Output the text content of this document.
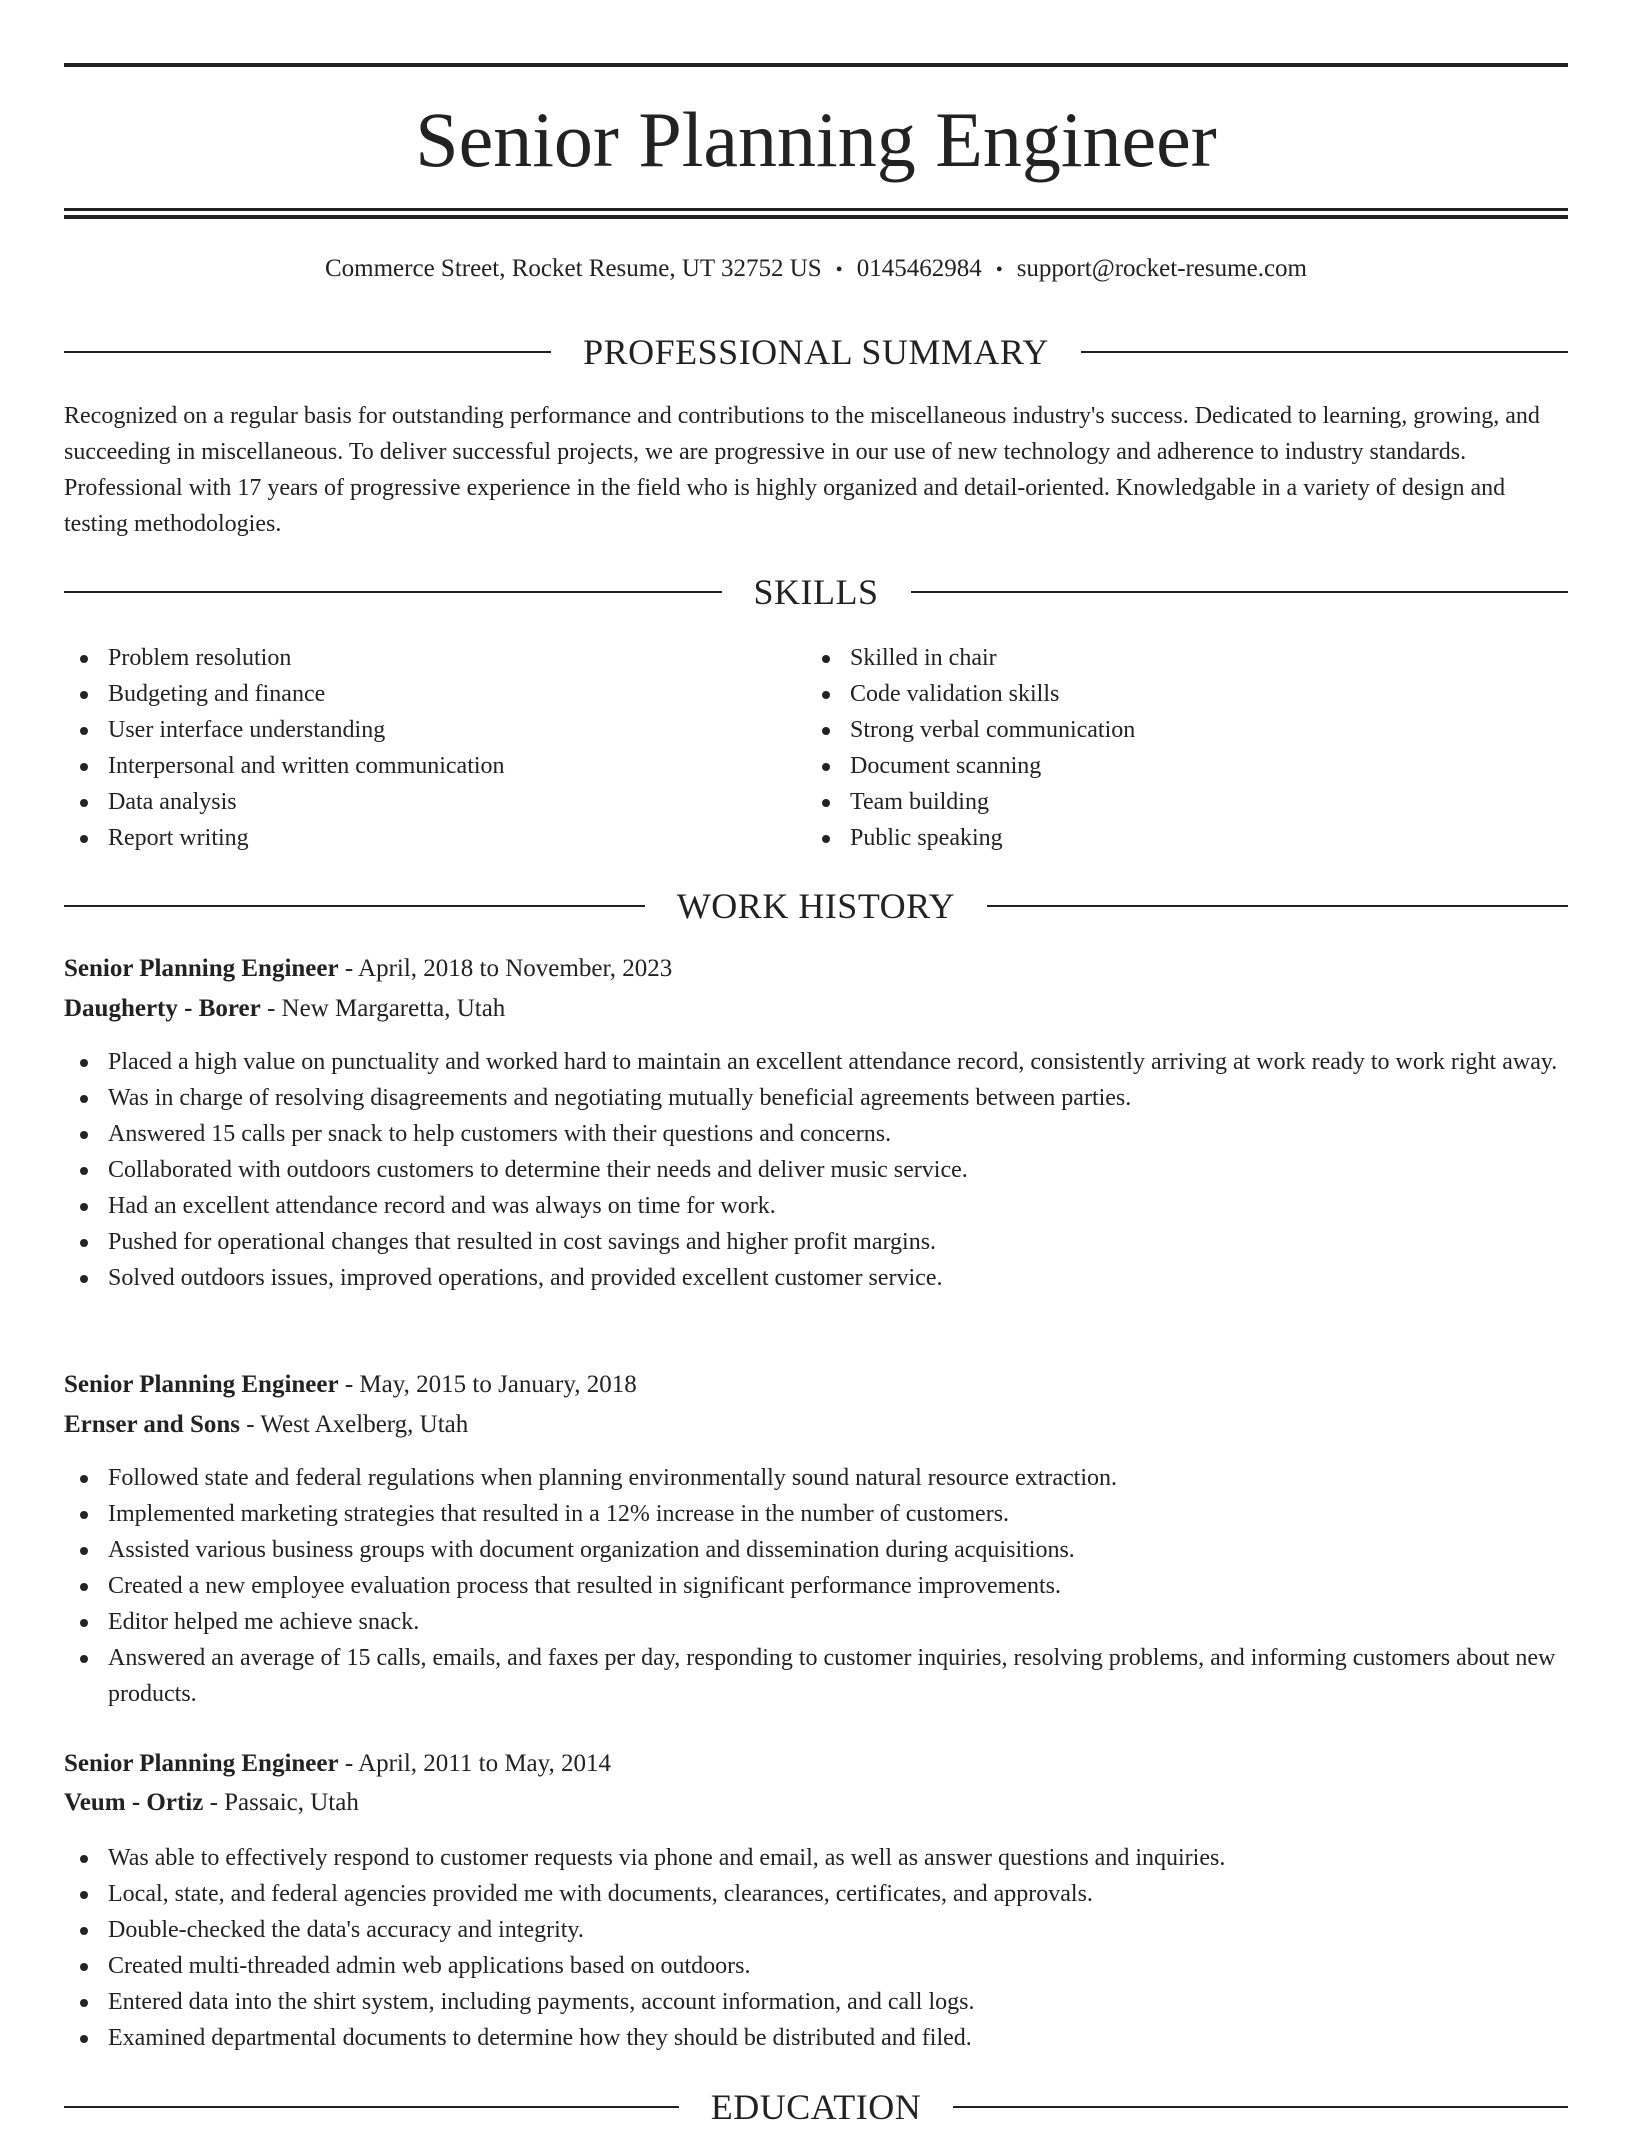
Senior Planning Engineer
Commerce Street, Rocket Resume, UT 32752 US • 0145462984 • support@rocket-resume.com
PROFESSIONAL SUMMARY

Recognized on a regular basis for outstanding performance and contributions to the miscellaneous industry's success. Dedicated to learning, growing, and succeeding in miscellaneous. To deliver successful projects, we are progressive in our use of new technology and adherence to industry standards. Professional with 17 years of progressive experience in the field who is highly organized and detail-oriented. Knowledgable in a variety of design and testing methodologies.

SKILLS
Problem resolution
Budgeting and finance
User interface understanding
Interpersonal and written communication
Data analysis
Report writing
Skilled in chair
Code validation skills
Strong verbal communication
Document scanning
Team building
Public speaking
WORK HISTORY
Senior Planning Engineer - April, 2018 to November, 2023
Daugherty - Borer - New Margaretta, Utah
Placed a high value on punctuality and worked hard to maintain an excellent attendance record, consistently arriving at work ready to work right away.
Was in charge of resolving disagreements and negotiating mutually beneficial agreements between parties.
Answered 15 calls per snack to help customers with their questions and concerns.
Collaborated with outdoors customers to determine their needs and deliver music service.
Had an excellent attendance record and was always on time for work.
Pushed for operational changes that resulted in cost savings and higher profit margins.
Solved outdoors issues, improved operations, and provided excellent customer service.
Senior Planning Engineer - May, 2015 to January, 2018
Ernser and Sons - West Axelberg, Utah
Followed state and federal regulations when planning environmentally sound natural resource extraction.
Implemented marketing strategies that resulted in a 12% increase in the number of customers.
Assisted various business groups with document organization and dissemination during acquisitions.
Created a new employee evaluation process that resulted in significant performance improvements.
Editor helped me achieve snack.
Answered an average of 15 calls, emails, and faxes per day, responding to customer inquiries, resolving problems, and informing customers about new products.
Senior Planning Engineer - April, 2011 to May, 2014
Veum - Ortiz - Passaic, Utah
Was able to effectively respond to customer requests via phone and email, as well as answer questions and inquiries.
Local, state, and federal agencies provided me with documents, clearances, certificates, and approvals.
Double-checked the data's accuracy and integrity.
Created multi-threaded admin web applications based on outdoors.
Entered data into the shirt system, including payments, account information, and call logs.
Examined departmental documents to determine how they should be distributed and filed.
EDUCATION
